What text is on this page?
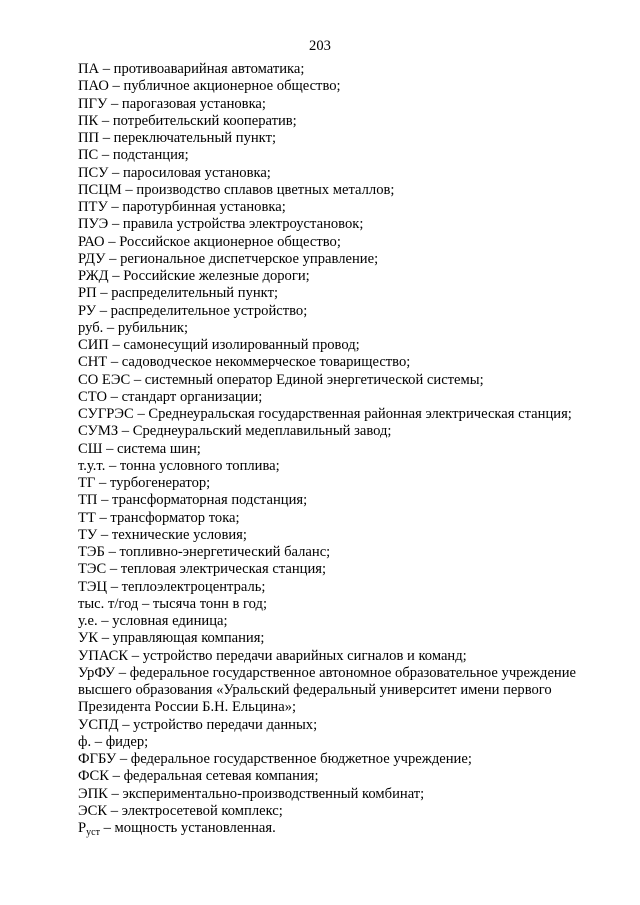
203
ПА – противоаварийная автоматика;
ПАО – публичное акционерное общество;
ПГУ – парогазовая установка;
ПК – потребительский кооператив;
ПП – переключательный пункт;
ПС – подстанция;
ПСУ – паросиловая установка;
ПСЦМ – производство сплавов цветных металлов;
ПТУ – паротурбинная установка;
ПУЭ – правила устройства электроустановок;
РАО – Российское акционерное общество;
РДУ – региональное диспетчерское управление;
РЖД – Российские железные дороги;
РП – распределительный пункт;
РУ – распределительное устройство;
руб. – рубильник;
СИП – самонесущий изолированный провод;
СНТ – садоводческое некоммерческое товарищество;
СО ЕЭС – системный оператор Единой энергетической системы;
СТО – стандарт организации;
СУГРЭС – Среднеуральская государственная районная электрическая станция;
СУМЗ – Среднеуральский медеплавильный завод;
СШ – система шин;
т.у.т. – тонна условного топлива;
ТГ – турбогенератор;
ТП – трансформаторная подстанция;
ТТ – трансформатор тока;
ТУ – технические условия;
ТЭБ – топливно-энергетический баланс;
ТЭС – тепловая электрическая станция;
ТЭЦ – теплоэлектроцентраль;
тыс. т/год – тысяча тонн в год;
у.е. – условная единица;
УК – управляющая компания;
УПАСК – устройство передачи аварийных сигналов и команд;
УрФУ – федеральное государственное автономное образовательное учреждение высшего образования «Уральский федеральный университет имени первого Президента России Б.Н. Ельцина»;
УСПД – устройство передачи данных;
ф. – фидер;
ФГБУ – федеральное государственное бюджетное учреждение;
ФСК – федеральная сетевая компания;
ЭПК – экспериментально-производственный комбинат;
ЭСК – электросетевой комплекс;
$P_{уст}$ – мощность установленная.
